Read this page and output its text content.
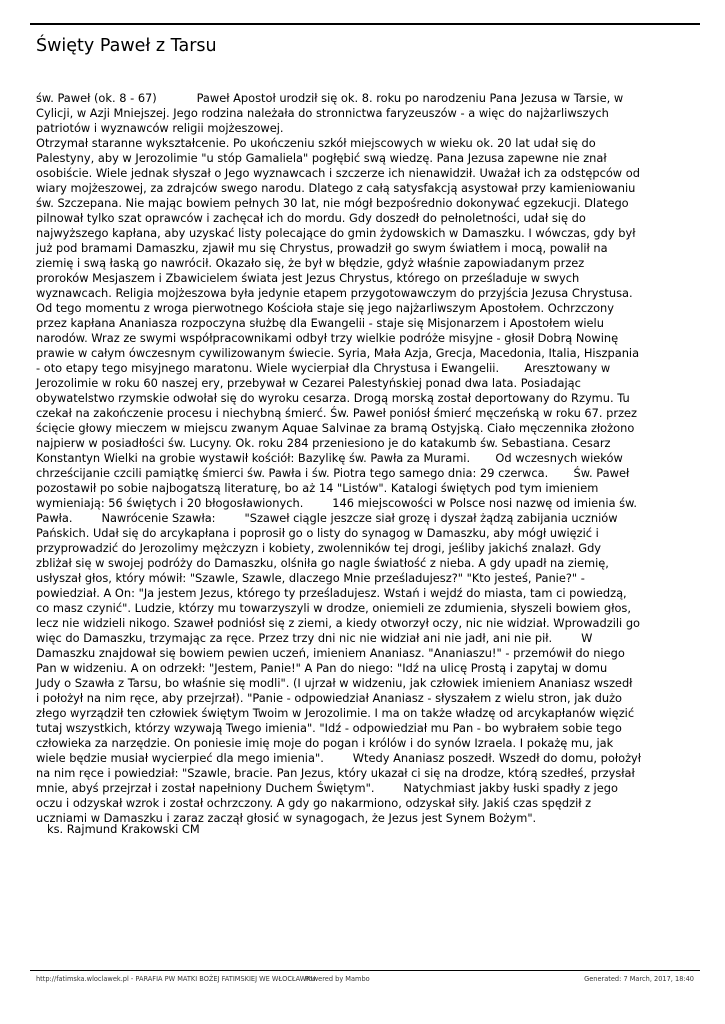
Święty Paweł z Tarsu

św. Paweł (ok. 8 - 67)           Paweł Apostoł urodził się ok. 8. roku po narodzeniu Pana Jezusa w Tarsie, w
Cylicji, w Azji Mniejszej. Jego rodzina należała do stronnictwa faryzeuszów - a więc do najżarliwszych
patriotów i wyznawców religii mojżeszowej.
Otrzymał staranne wykształcenie. Po ukończeniu szkół miejscowych w wieku ok. 20 lat udał się do
Palestyny, aby w Jerozolimie "u stóp Gamaliela" pogłębić swą wiedzę. Pana Jezusa zapewne nie znał
osobiście. Wiele jednak słyszał o Jego wyznawcach i szczerze ich nienawidził. Uważał ich za odstępców od
wiary mojżeszowej, za zdrajców swego narodu. Dlatego z całą satysfakcją asystował przy kamieniowaniu
św. Szczepana. Nie mając bowiem pełnych 30 lat, nie mógł bezpośrednio dokonywać egzekucji. Dlatego
pilnował tylko szat oprawców i zachęcał ich do mordu. Gdy doszedł do pełnoletności, udał się do
najwyższego kapłana, aby uzyskać listy polecające do gmin żydowskich w Damaszku. I wówczas, gdy był
już pod bramami Damaszku, zjawił mu się Chrystus, prowadził go swym światłem i mocą, powalił na
ziemię i swą łaską go nawrócił. Okazało się, że był w błędzie, gdyż właśnie zapowiadanym przez
proroków Mesjaszem i Zbawicielem świata jest Jezus Chrystus, którego on prześladuje w swych
wyznawcach. Religia mojżeszowa była jedynie etapem przygotowawczym do przyjścia Jezusa Chrystusa.
Od tego momentu z wroga pierwotnego Kościoła staje się jego najżarliwszym Apostołem. Ochrzczony
przez kapłana Ananiasza rozpoczyna służbę dla Ewangelii - staje się Misjonarzem i Apostołem wielu
narodów. Wraz ze swymi współpracownikami odbył trzy wielkie podróże misyjne - głosił Dobrą Nowinę
prawie w całym ówczesnym cywilizowanym świecie. Syria, Mała Azja, Grecja, Macedonia, Italia, Hiszpania
- oto etapy tego misyjnego maratonu. Wiele wycierpiał dla Chrystusa i Ewangelii.       Aresztowany w
Jerozolimie w roku 60 naszej ery, przebywał w Cezarei Palestyńskiej ponad dwa lata. Posiadając
obywatelstwo rzymskie odwołał się do wyroku cesarza. Drogą morską został deportowany do Rzymu. Tu
czekał na zakończenie procesu i niechybną śmierć. Św. Paweł poniósł śmierć męczeńską w roku 67. przez
ścięcie głowy mieczem w miejscu zwanym Aquae Salvinae za bramą Ostyjską. Ciało męczennika złożono
najpierw w posiadłości św. Lucyny. Ok. roku 284 przeniesiono je do katakumb św. Sebastiana. Cesarz
Konstantyn Wielki na grobie wystawił kościół: Bazylikę św. Pawła za Murami.       Od wczesnych wieków
chrześcijanie czcili pamiątkę śmierci św. Pawła i św. Piotra tego samego dnia: 29 czerwca.       Św. Paweł
pozostawił po sobie najbogatszą literaturę, bo aż 14 "Listów". Katalogi świętych pod tym imieniem
wymieniają: 56 świętych i 20 błogosławionych.        146 miejscowości w Polsce nosi nazwę od imienia św.
Pawła.        Nawrócenie Szawła:        "Szaweł ciągle jeszcze siał grozę i dyszał żądzą zabijania uczniów
Pańskich. Udał się do arcykapłana i poprosił go o listy do synagog w Damaszku, aby mógł uwięzić i
przyprowadzić do Jerozolimy mężczyzn i kobiety, zwolenników tej drogi, jeśliby jakichś znalazł. Gdy
zbliżał się w swojej podróży do Damaszku, olśniła go nagle światłość z nieba. A gdy upadł na ziemię,
usłyszał głos, który mówił: "Szawle, Szawle, dlaczego Mnie prześladujesz?" "Kto jesteś, Panie?" -
powiedział. A On: "Ja jestem Jezus, którego ty prześladujesz. Wstań i wejdź do miasta, tam ci powiedzą,
co masz czynić". Ludzie, którzy mu towarzyszyli w drodze, oniemieli ze zdumienia, słyszeli bowiem głos,
lecz nie widzieli nikogo. Szaweł podniósł się z ziemi, a kiedy otworzył oczy, nic nie widział. Wprowadzili go
więc do Damaszku, trzymając za ręce. Przez trzy dni nic nie widział ani nie jadł, ani nie pił.        W
Damaszku znajdował się bowiem pewien uczeń, imieniem Ananiasz. "Ananiaszu!" - przemówił do niego
Pan w widzeniu. A on odrzekł: "Jestem, Panie!" A Pan do niego: "Idź na ulicę Prostą i zapytaj w domu
Judy o Szawła z Tarsu, bo właśnie się modli". (I ujrzał w widzeniu, jak człowiek imieniem Ananiasz wszedł
i położył na nim ręce, aby przejrzał). "Panie - odpowiedział Ananiasz - słyszałem z wielu stron, jak dużo
złego wyrządził ten człowiek świętym Twoim w Jerozolimie. I ma on także władzę od arcykapłanów więzić
tutaj wszystkich, którzy wzywają Twego imienia". "Idź - odpowiedział mu Pan - bo wybrałem sobie tego
człowieka za narzędzie. On poniesie imię moje do pogan i królów i do synów Izraela. I pokażę mu, jak
wiele będzie musiał wycierpieć dla mego imienia".        Wtedy Ananiasz poszedł. Wszedł do domu, położył
na nim ręce i powiedział: "Szawle, bracie. Pan Jezus, który ukazał ci się na drodze, którą szedłeś, przysłał
mnie, abyś przejrzał i został napełniony Duchem Świętym".        Natychmiast jakby łuski spadły z jego
oczu i odzyskał wzrok i został ochrzczony. A gdy go nakarmiono, odzyskał siły. Jakiś czas spędził z
uczniami w Damaszku i zaraz zaczął głosić w synagogach, że Jezus jest Synem Bożym".

ks. Rajmund Krakowski CM

http://fatimska.wloclawek.pl - PARAFIA PW MATKI BOŻEJ FATIMSKIEJ WE WŁOCŁAWKU

Powered by Mambo	Generated: 7 March, 2017, 18:40
